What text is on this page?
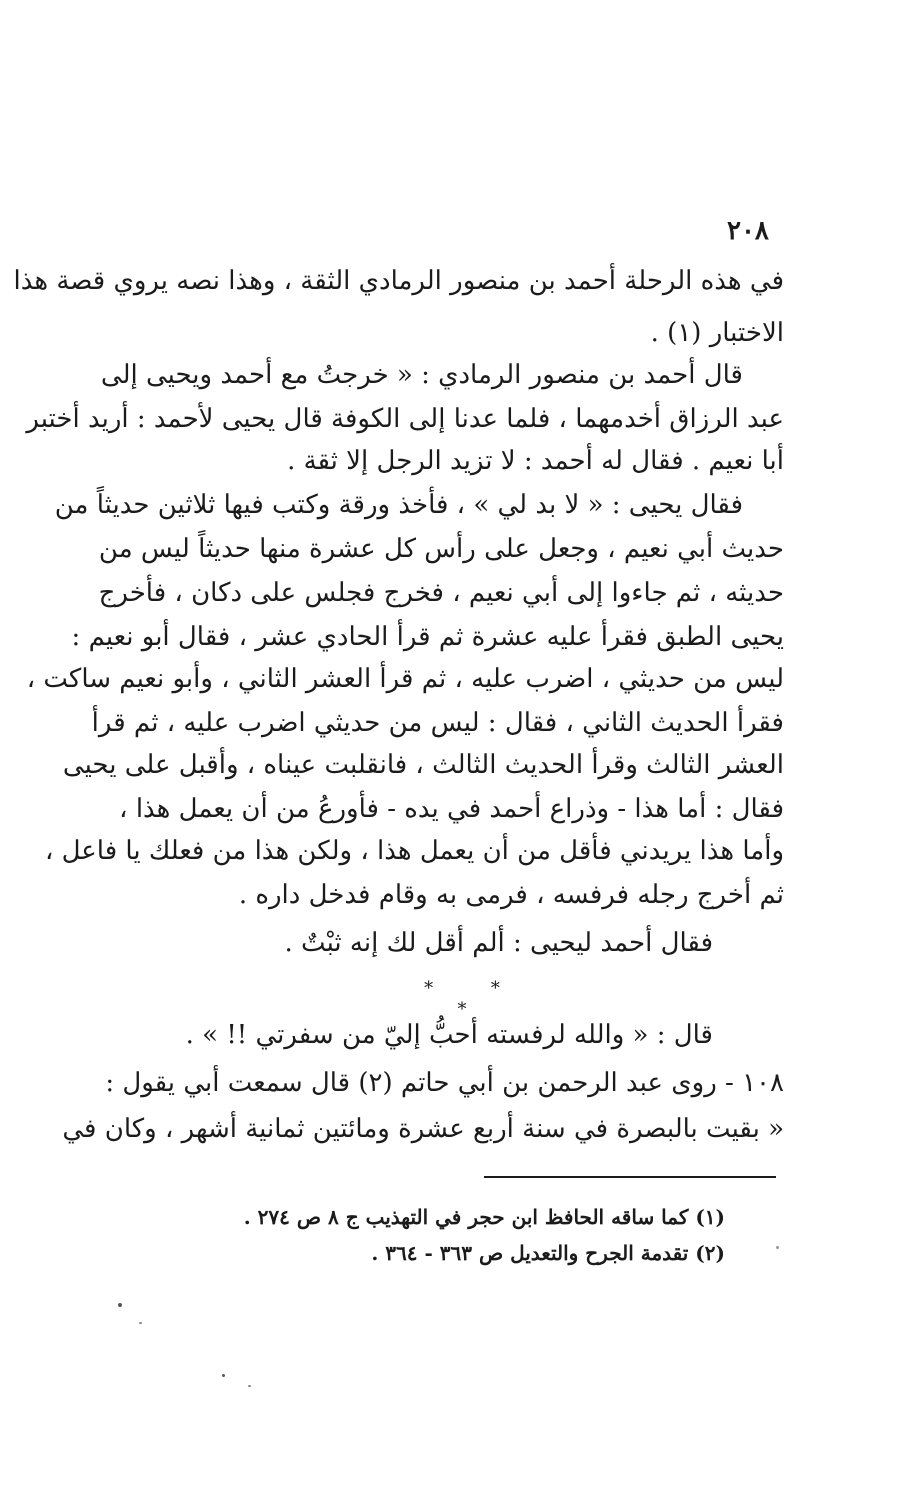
٢٠٨
في هذه الرحلة أحمد بن منصور الرمادي الثقة ، وهذا نصه يروي قصة هذا
الاختبار (١) .
قال أحمد بن منصور الرمادي : « خرجتُ مع أحمد ويحيى إلى
عبد الرزاق أخدمهما ، فلما عدنا إلى الكوفة قال يحيى لأحمد : أريد أختبر
أبا نعيم . فقال له أحمد : لا تزيد الرجل إلا ثقة .
فقال يحيى : « لا بد لي » ، فأخذ ورقة وكتب فيها ثلاثين حديثاً من
حديث أبي نعيم ، وجعل على رأس كل عشرة منها حديثاً ليس من
حديثه ، ثم جاءوا إلى أبي نعيم ، فخرج فجلس على دكان ، فأخرج
يحيى الطبق فقرأ عليه عشرة ثم قرأ الحادي عشر ، فقال أبو نعيم :
ليس من حديثي ، اضرب عليه ، ثم قرأ العشر الثاني ، وأبو نعيم ساكت ،
فقرأ الحديث الثاني ، فقال : ليس من حديثي اضرب عليه ، ثم قرأ
العشر الثالث وقرأ الحديث الثالث ، فانقلبت عيناه ، وأقبل على يحيى
فقال : أما هذا - وذراع أحمد في يده - فأورعُ من أن يعمل هذا ،
وأما هذا يريدني فأقل من أن يعمل هذا ، ولكن هذا من فعلك يا فاعل ،
ثم أخرج رجله فرفسه ، فرمى به وقام فدخل داره .
فقال أحمد ليحيى : ألم أقل لك إنه ثبْتٌ .
* * *
قال : « والله لرفسته أحبُّ إليّ من سفرتي !! » .
١٠٨ - روى عبد الرحمن بن أبي حاتم (٢) قال سمعت أبي يقول :
« بقيت بالبصرة في سنة أربع عشرة ومائتين ثمانية أشهر ، وكان في
(١) كما ساقه الحافظ ابن حجر في التهذيب ج ٨ ص ٢٧٤ .
(٢) تقدمة الجرح والتعديل ص ٣٦٣ - ٣٦٤ .
